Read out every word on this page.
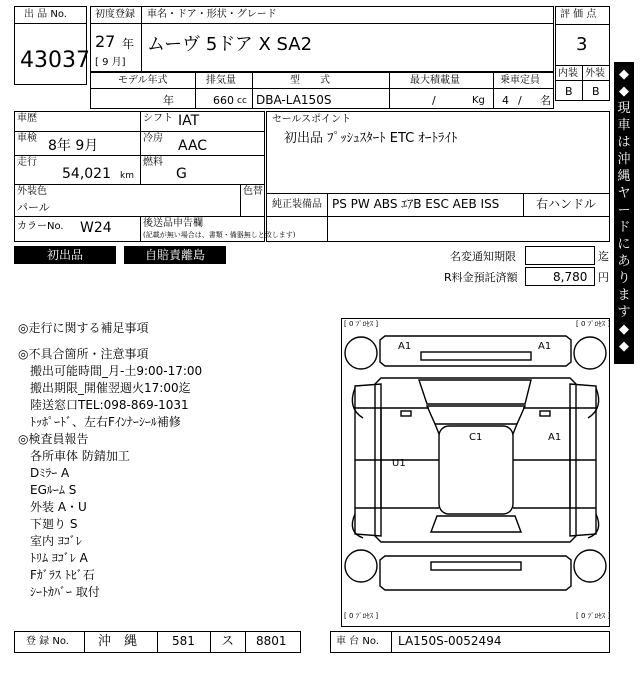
出 品 No.
43037
初度登録 車名・ドア・形状・グレード
27 年
[ 9 月]
ムーヴ 5ドア X SA2
評 価 点
3
内装 外装
B B
モデル年式	排気量	型　　式	最大積載量	乗車定員
年	660 cc DBA-LA150S	/	Kg 4 / 名
車歴	シフト IAT
車検 8年 9月	冷房 AAC
走行
54,021 km
燃料
G
外装色
パール
色替
カラーNo. W24	後送品申告欄
(記載が無い場合は、書類・備器無しと致します)
セールスポイント
初出品 ﾌﾟｯｼｭｽﾀｰﾄ ETC ｵｰﾄﾗｲﾄ
純正装備品 PS PW ABS ｴｱB ESC AEB ISS	右ハンドル
◆
◆
現
車
は
沖
縄
ヤ
ー
ド
に
あ
り
ま
す
◆
◆
初出品	自賠責離島	名変通知期限	迄
R料金預託済額	8,780 円
◎走行に関する補足事項
◎不具合箇所・注意事項
搬出可能時間_月-土9:00-17:00
搬出期限_開催翌週火17:00迄
陸送窓口TEL:098-869-1031
ﾄｯﾎﾟｰﾄﾞ、左右Fｲﾝﾅｰｼｰﾙ補修
◎検査員報告
各所車体 防錆加工
Dﾐﾗｰ A
EGﾙｰﾑ S
外装 A・U
下廻り S
室内 ﾖｺﾞﾚ
ﾄﾘﾑ ﾖｺﾞﾚ A
Fｶﾞﾗｽ ﾄﾋﾞ石
ｼｰﾄｶﾊﾞｰ 取付
[ 0 ﾌﾟﾛｾｽ ]	[ 0 ﾌﾟﾛｾｽ ]
[ 0 ﾌﾟﾛｾｽ ]	[ 0 ﾌﾟﾛｾｽ ]
A1	A1
C1	A1
U1
登 録 No. 沖　縄	581 ス 8801	車 台 No. LA150S-0052494
